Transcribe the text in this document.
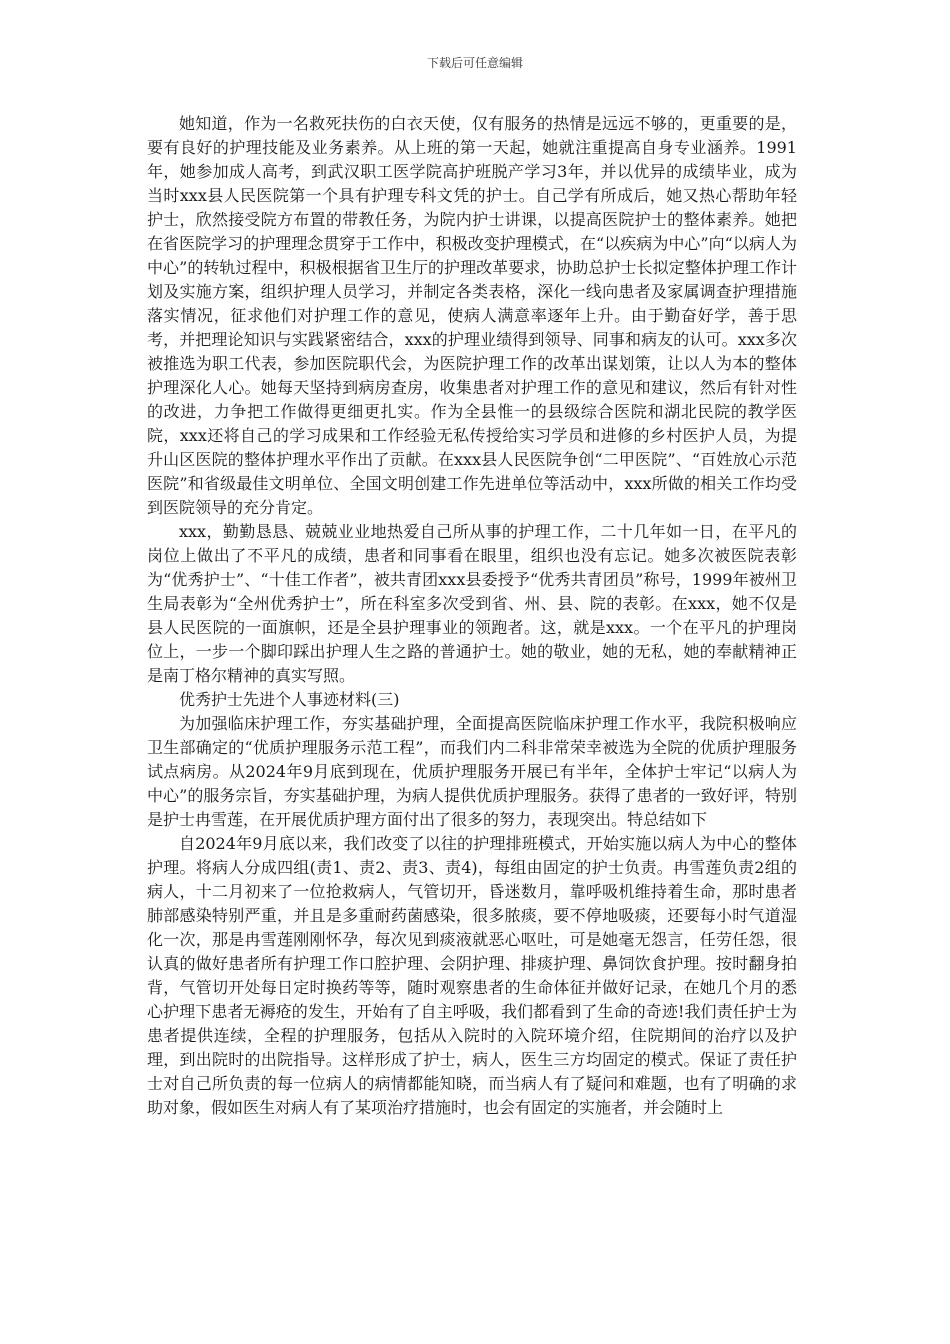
下载后可任意编辑

她知道，作为一名救死扶伤的白衣天使，仅有服务的热情是远远不够的，更重要的是，要有良好的护理技能及业务素养。从上班的第一天起，她就注重提高自身专业涵养。1991年，她参加成人高考，到武汉职工医学院高护班脱产学习3年，并以优异的成绩毕业，成为当时xxx县人民医院第一个具有护理专科文凭的护士。自己学有所成后，她又热心帮助年轻护士，欣然接受院方布置的带教任务，为院内护士讲课，以提高医院护士的整体素养。她把在省医院学习的护理理念贯穿于工作中，积极改变护理模式，在“以疾病为中心”向“以病人为中心”的转轨过程中，积极根据省卫生厅的护理改革要求，协助总护士长拟定整体护理工作计划及实施方案，组织护理人员学习，并制定各类表格，深化一线向患者及家属调查护理措施落实情况，征求他们对护理工作的意见，使病人满意率逐年上升。由于勤奋好学，善于思考，并把理论知识与实践紧密结合，xxx的护理业绩得到领导、同事和病友的认可。xxx多次被推选为职工代表，参加医院职代会，为医院护理工作的改革出谋划策，让以人为本的整体护理深化人心。她每天坚持到病房查房，收集患者对护理工作的意见和建议，然后有针对性的改进，力争把工作做得更细更扎实。作为全县惟一的县级综合医院和湖北民院的教学医院，xxx还将自己的学习成果和工作经验无私传授给实习学员和进修的乡村医护人员，为提升山区医院的整体护理水平作出了贡献。在xxx县人民医院争创“二甲医院”、“百姓放心示范医院”和省级最佳文明单位、全国文明创建工作先进单位等活动中，xxx所做的相关工作均受到医院领导的充分肯定。

xxx，勤勤恳恳、兢兢业业地热爱自己所从事的护理工作，二十几年如一日，在平凡的岗位上做出了不平凡的成绩，患者和同事看在眼里，组织也没有忘记。她多次被医院表彰为“优秀护士”、“十佳工作者”，被共青团xxx县委授予“优秀共青团员”称号，1999年被州卫生局表彰为“全州优秀护士”，所在科室多次受到省、州、县、院的表彰。在xxx，她不仅是县人民医院的一面旗帜，还是全县护理事业的领跑者。这，就是xxx。一个在平凡的护理岗位上，一步一个脚印踩出护理人生之路的普通护士。她的敬业，她的无私，她的奉献精神正是南丁格尔精神的真实写照。

优秀护士先进个人事迹材料(三)

为加强临床护理工作，夯实基础护理，全面提高医院临床护理工作水平，我院积极响应卫生部确定的“优质护理服务示范工程”，而我们内二科非常荣幸被选为全院的优质护理服务试点病房。从2024年9月底到现在，优质护理服务开展已有半年，全体护士牢记“以病人为中心”的服务宗旨，夯实基础护理，为病人提供优质护理服务。获得了患者的一致好评，特别是护士冉雪莲，在开展优质护理方面付出了很多的努力，表现突出。特总结如下

自2024年9月底以来，我们改变了以往的护理排班模式，开始实施以病人为中心的整体护理。将病人分成四组(责1、责2、责3、责4)，每组由固定的护士负责。冉雪莲负责2组的病人，十二月初来了一位抢救病人，气管切开，昏迷数月，靠呼吸机维持着生命，那时患者肺部感染特别严重，并且是多重耐药菌感染，很多脓痰，要不停地吸痰，还要每小时气道湿化一次，那是冉雪莲刚刚怀孕，每次见到痰液就恶心呕吐，可是她毫无怨言，任劳任怨，很认真的做好患者所有护理工作口腔护理、会阴护理、排痰护理、鼻饲饮食护理。按时翻身拍背，气管切开处每日定时换药等等，随时观察患者的生命体征并做好记录，在她几个月的悉心护理下患者无褥疮的发生，开始有了自主呼吸，我们都看到了生命的奇迹!我们责任护士为患者提供连续，全程的护理服务，包括从入院时的入院环境介绍，住院期间的治疗以及护理，到出院时的出院指导。这样形成了护士，病人，医生三方均固定的模式。保证了责任护士对自己所负责的每一位病人的病情都能知晓，而当病人有了疑问和难题，也有了明确的求助对象，假如医生对病人有了某项治疗措施时，也会有固定的实施者，并会随时上
